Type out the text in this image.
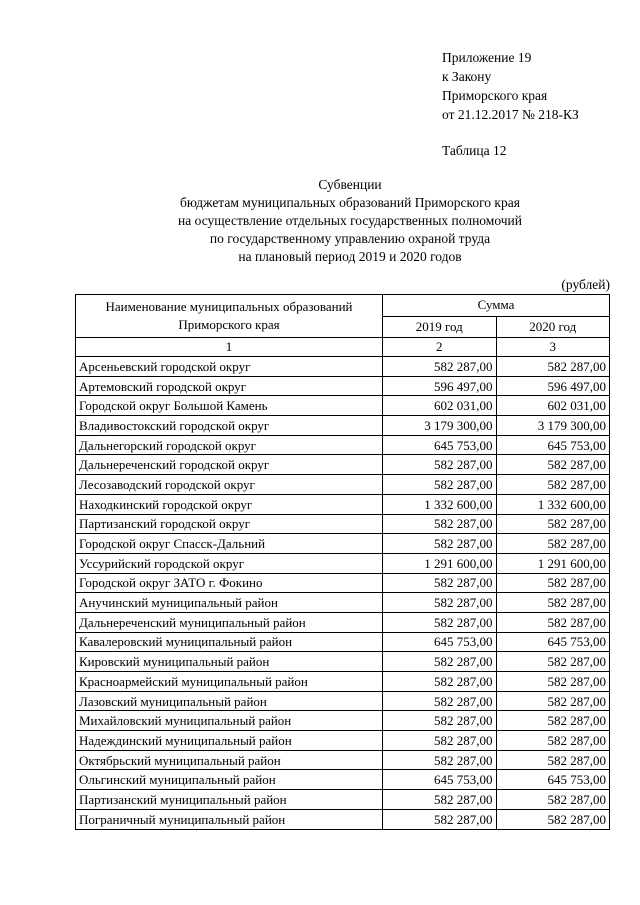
Приложение 19
к Закону
Приморского края
от 21.12.2017 № 218-КЗ
Таблица 12
Субвенции
бюджетам муниципальных образований Приморского края
на осуществление отдельных государственных полномочий
по государственному управлению охраной труда
на плановый период 2019 и 2020 годов
(рублей)
Наименование муниципальных образований Приморского края	Сумма	
	2019 год	2020 год
1	2	3
Арсеньевский городской округ	582 287,00	582 287,00
Артемовский городской округ	596 497,00	596 497,00
Городской округ Большой Камень	602 031,00	602 031,00
Владивостокский городской округ	3 179 300,00	3 179 300,00
Дальнегорский городской округ	645 753,00	645 753,00
Дальнереченский городской округ	582 287,00	582 287,00
Лесозаводский городской округ	582 287,00	582 287,00
Находкинский городской округ	1 332 600,00	1 332 600,00
Партизанский городской округ	582 287,00	582 287,00
Городской округ Спасск-Дальний	582 287,00	582 287,00
Уссурийский городской округ	1 291 600,00	1 291 600,00
Городской округ ЗАТО г. Фокино	582 287,00	582 287,00
Анучинский муниципальный район	582 287,00	582 287,00
Дальнереченский муниципальный район	582 287,00	582 287,00
Кавалеровский муниципальный район	645 753,00	645 753,00
Кировский муниципальный район	582 287,00	582 287,00
Красноармейский муниципальный район	582 287,00	582 287,00
Лазовский муниципальный район	582 287,00	582 287,00
Михайловский муниципальный район	582 287,00	582 287,00
Надеждинский муниципальный район	582 287,00	582 287,00
Октябрьский муниципальный район	582 287,00	582 287,00
Ольгинский муниципальный район	645 753,00	645 753,00
Партизанский муниципальный район	582 287,00	582 287,00
Пограничный муниципальный район	582 287,00	582 287,00
